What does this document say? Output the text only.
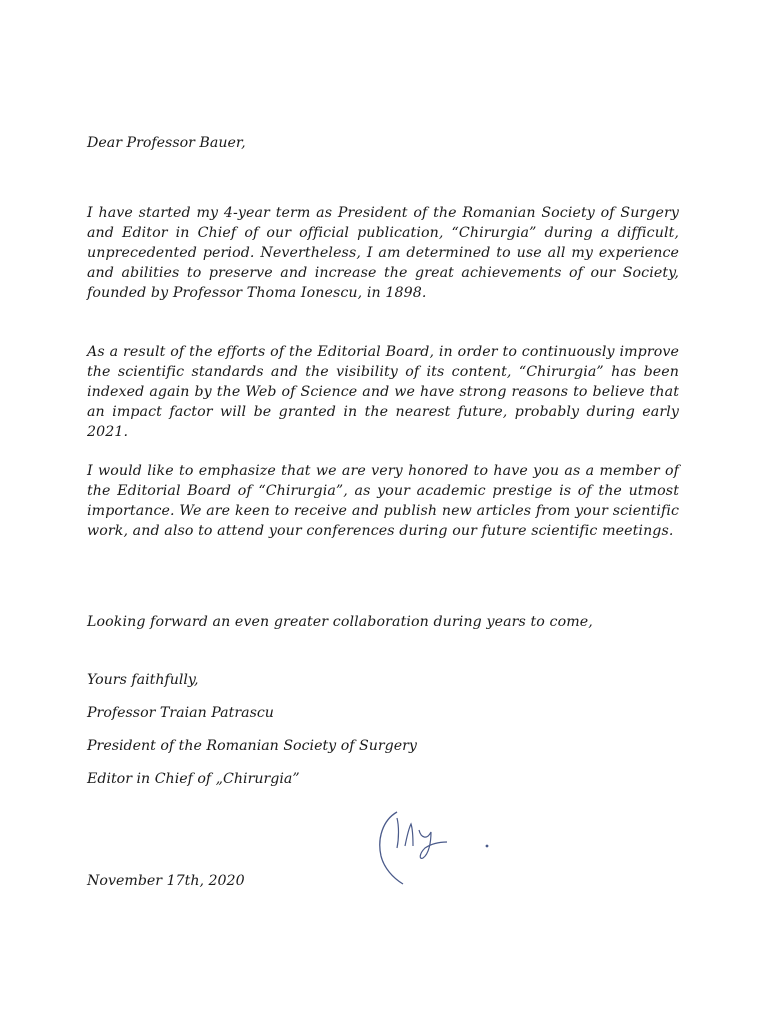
Dear Professor Bauer,
I have started my 4-year term as President of the Romanian Society of Surgery and Editor in Chief of our official publication, “Chirurgia” during a difficult, unprecedented period. Nevertheless, I am determined to use all my experience and abilities to preserve and increase the great achievements of our Society, founded by Professor Thoma Ionescu, in 1898.
As a result of the efforts of the Editorial Board, in order to continuously improve the scientific standards and the visibility of its content, “Chirurgia” has been indexed again by the Web of Science and we have strong reasons to believe that an impact factor will be granted in the nearest future, probably during early 2021.
I would like to emphasize that we are very honored to have you as a member of the Editorial Board of “Chirurgia”, as your academic prestige is of the utmost importance. We are keen to receive and publish new articles from your scientific work, and also to attend your conferences during our future scientific meetings.
Looking forward an even greater collaboration during years to come,
Yours faithfully,
Professor Traian Patrascu
President of the Romanian Society of Surgery
Editor in Chief of „Chirurgia”
November 17th, 2020
